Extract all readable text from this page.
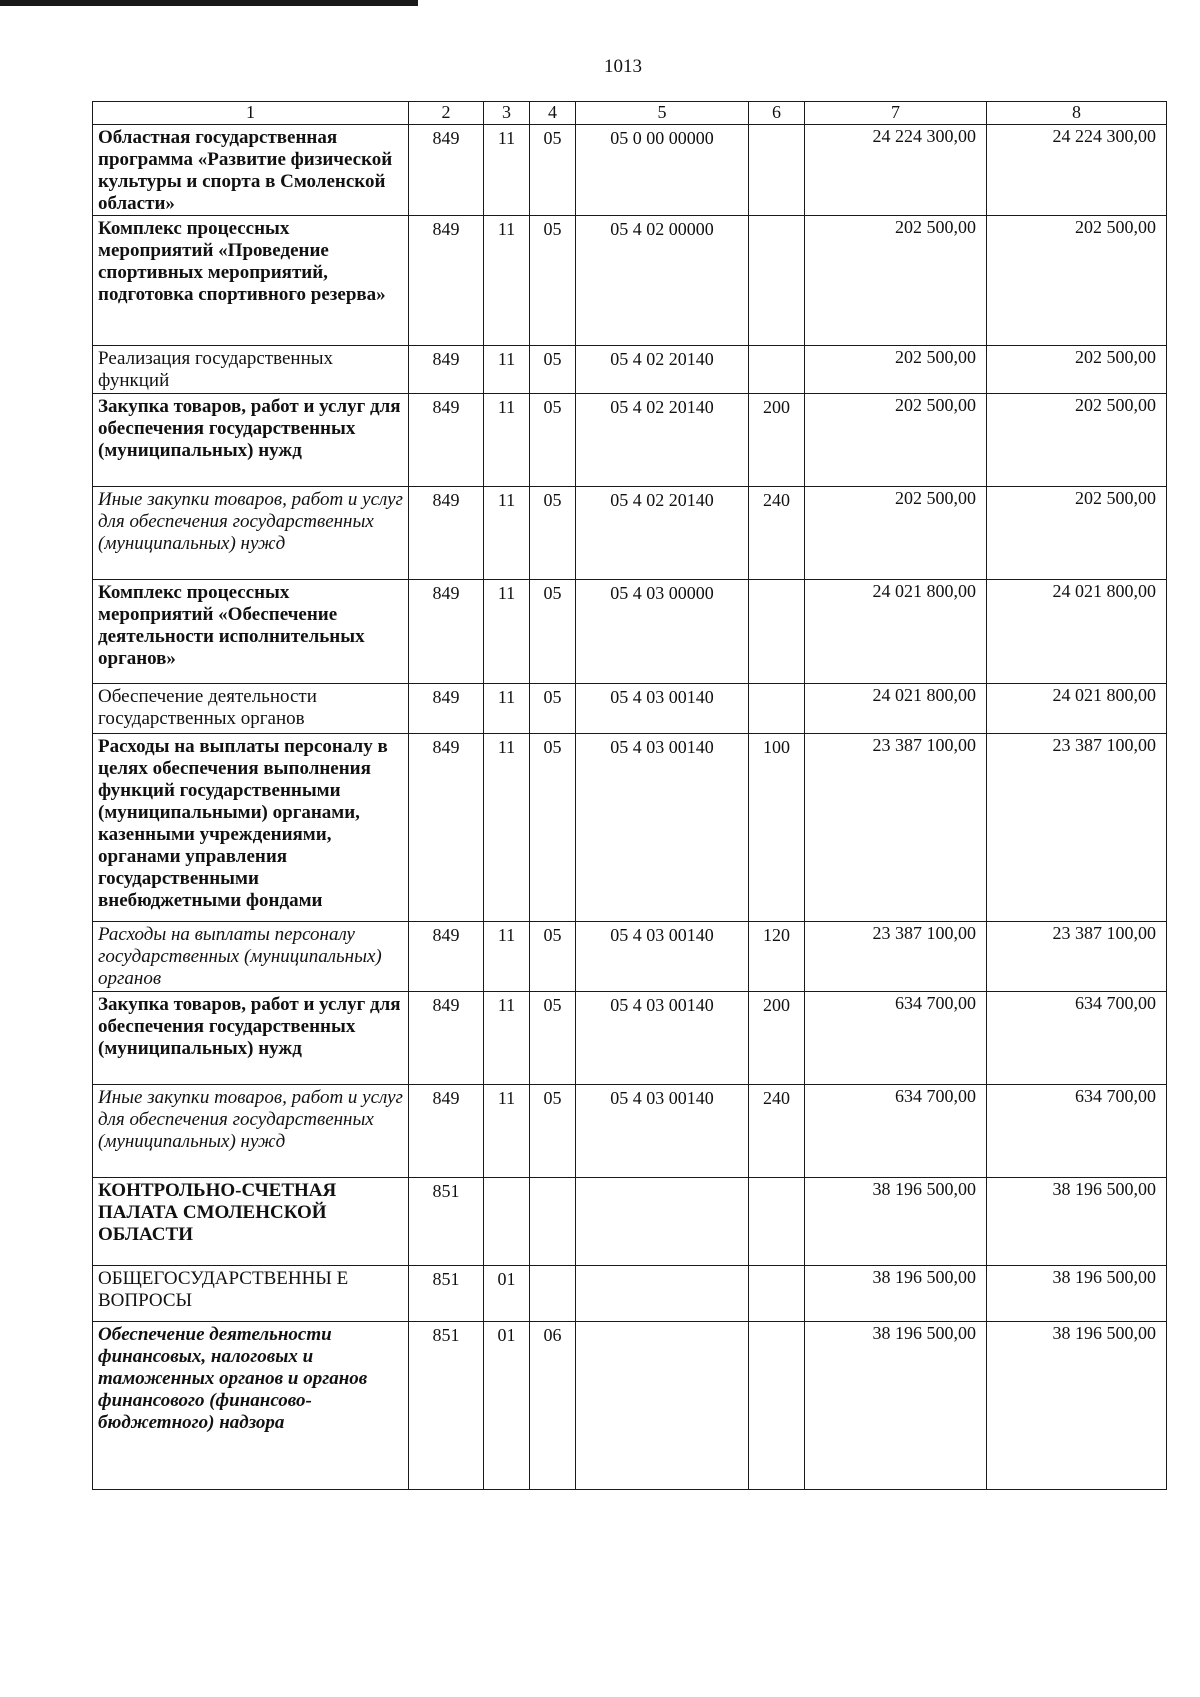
1013
1	2	3	4	5	6	7	8
Областная государственная программа «Развитие физической культуры и спорта в Смоленской области»	849	11	05	05 0 00 00000		24 224 300,00	24 224 300,00
Комплекс процессных мероприятий «Проведение спортивных мероприятий, подготовка спортивного резерва»	849	11	05	05 4 02 00000		202 500,00	202 500,00
Реализация государственных функций	849	11	05	05 4 02 20140		202 500,00	202 500,00
Закупка товаров, работ и услуг для обеспечения государственных (муниципальных) нужд	849	11	05	05 4 02 20140	200	202 500,00	202 500,00
Иные закупки товаров, работ и услуг для обеспечения государственных (муниципальных) нужд	849	11	05	05 4 02 20140	240	202 500,00	202 500,00
Комплекс процессных мероприятий «Обеспечение деятельности исполнительных органов»	849	11	05	05 4 03 00000		24 021 800,00	24 021 800,00
Обеспечение деятельности государственных органов	849	11	05	05 4 03 00140		24 021 800,00	24 021 800,00
Расходы на выплаты персоналу в целях обеспечения выполнения функций государственными (муниципальными) органами, казенными учреждениями, органами управления государственными внебюджетными фондами	849	11	05	05 4 03 00140	100	23 387 100,00	23 387 100,00
Расходы на выплаты персоналу государственных (муниципальных) органов	849	11	05	05 4 03 00140	120	23 387 100,00	23 387 100,00
Закупка товаров, работ и услуг для обеспечения государственных (муниципальных) нужд	849	11	05	05 4 03 00140	200	634 700,00	634 700,00
Иные закупки товаров, работ и услуг для обеспечения государственных (муниципальных) нужд	849	11	05	05 4 03 00140	240	634 700,00	634 700,00
КОНТРОЛЬНО-СЧЕТНАЯ ПАЛАТА СМОЛЕНСКОЙ ОБЛАСТИ	851					38 196 500,00	38 196 500,00
ОБЩЕГОСУДАРСТВЕННЫ Е ВОПРОСЫ	851	01				38 196 500,00	38 196 500,00
Обеспечение деятельности финансовых, налоговых и таможенных органов и органов финансового (финансово-бюджетного) надзора	851	01	06			38 196 500,00	38 196 500,00
